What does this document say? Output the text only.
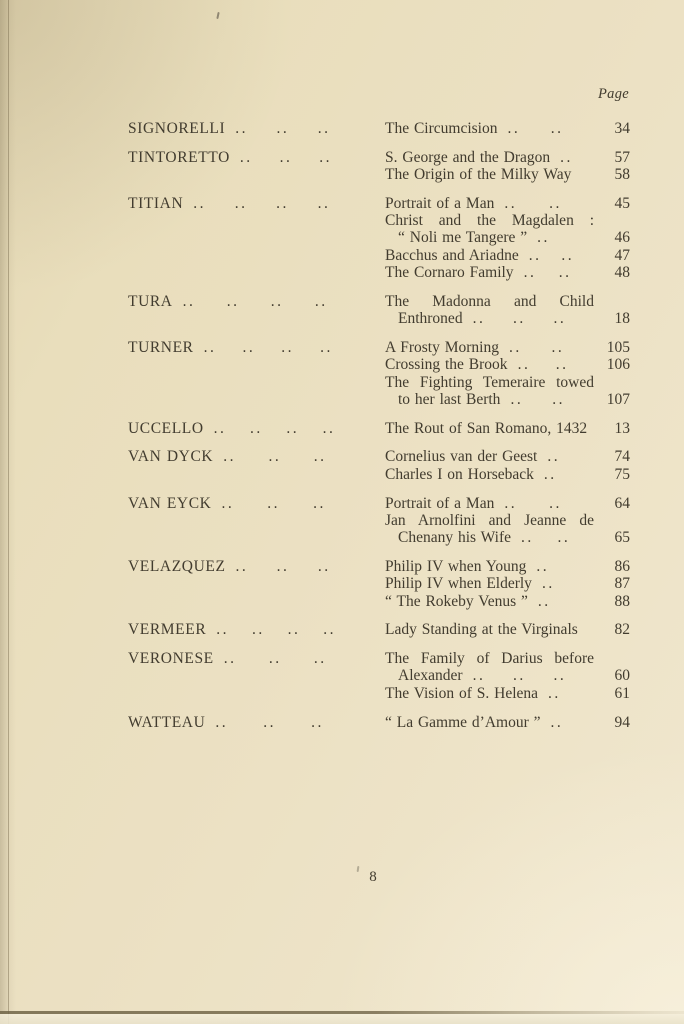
Page
SIGNORELLI .. .. ..	The Circumcision .. ..	34
TINTORETTO .. .. ..	S. George and the Dragon ..	57
The Origin of the Milky Way	58
TITIAN .. .. .. ..	Portrait of a Man .. ..	45
Christ and the Magdalen :
“ Noli me Tangere ” ..	46
Bacchus and Ariadne .. ..	47
The Cornaro Family .. ..	48
TURA .. .. .. ..	The Madonna and Child
Enthroned .. .. ..	18
TURNER .. .. .. ..	A Frosty Morning .. ..	105
Crossing the Brook .. ..	106
The Fighting Temeraire towed
to her last Berth .. ..	107
UCCELLO .. .. .. ..	The Rout of San Romano, 1432	13
VAN DYCK .. .. ..	Cornelius van der Geest ..	74
Charles I on Horseback ..	75
VAN EYCK .. .. ..	Portrait of a Man .. ..	64
Jan Arnolfini and Jeanne de
Chenany his Wife .. ..	65
VELAZQUEZ .. .. ..	Philip IV when Young ..	86
Philip IV when Elderly ..	87
“ The Rokeby Venus ” ..	88
VERMEER .. .. .. ..	Lady Standing at the Virginals	82
VERONESE .. .. ..	The Family of Darius before
Alexander .. .. ..	60
The Vision of S. Helena ..	61
WATTEAU .. .. ..	“ La Gamme d’Amour ” ..	94
8
